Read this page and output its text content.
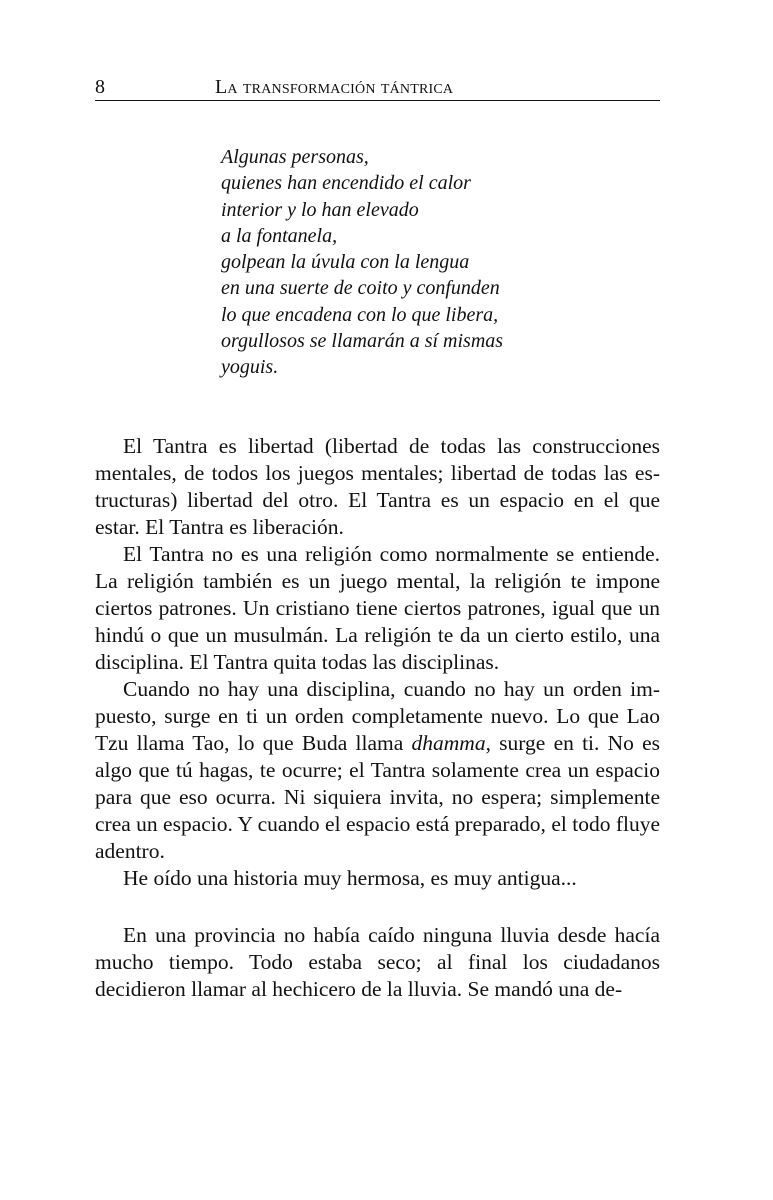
8	La transformación tántrica
Algunas personas,
quienes han encendido el calor
interior y lo han elevado
a la fontanela,
golpean la úvula con la lengua
en una suerte de coito y confunden
lo que encadena con lo que libera,
orgullosos se llamarán a sí mismas
yoguis.

El Tantra es libertad (libertad de todas las construcciones mentales, de todos los juegos mentales; libertad de todas las estructuras) libertad del otro. El Tantra es un espacio en el que estar. El Tantra es liberación.

El Tantra no es una religión como normalmente se entiende. La religión también es un juego mental, la religión te impone ciertos patrones. Un cristiano tiene ciertos patrones, igual que un hindú o que un musulmán. La religión te da un cierto estilo, una disciplina. El Tantra quita todas las disciplinas.

Cuando no hay una disciplina, cuando no hay un orden impuesto, surge en ti un orden completamente nuevo. Lo que Lao Tzu llama Tao, lo que Buda llama dhamma, surge en ti. No es algo que tú hagas, te ocurre; el Tantra solamente crea un espacio para que eso ocurra. Ni siquiera invita, no espera; simplemente crea un espacio. Y cuando el espacio está preparado, el todo fluye adentro.

He oído una historia muy hermosa, es muy antigua...

En una provincia no había caído ninguna lluvia desde hacía mucho tiempo. Todo estaba seco; al final los ciudadanos decidieron llamar al hechicero de la lluvia. Se mandó una de-
